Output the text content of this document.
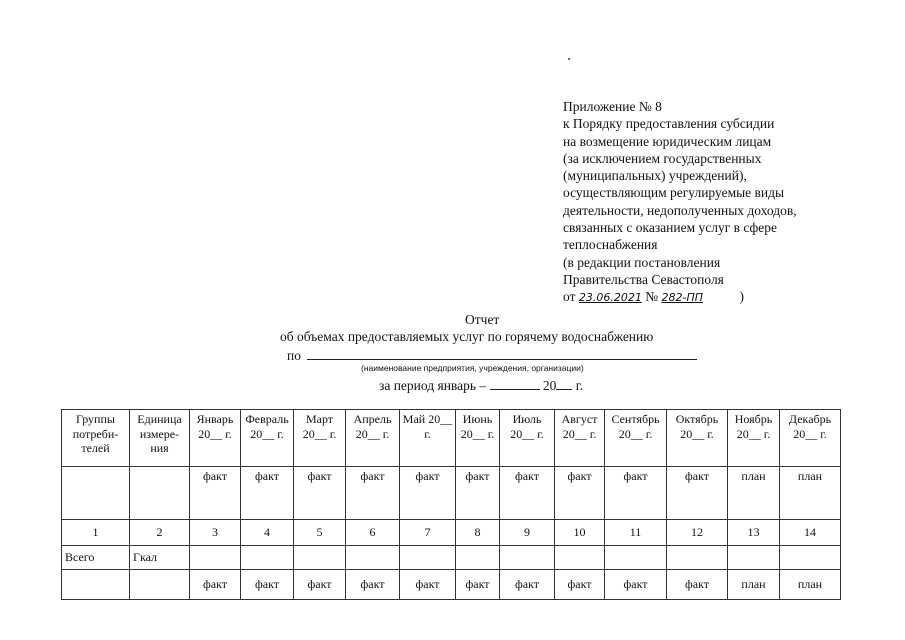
Приложение № 8
к Порядку предоставления субсидии
на возмещение юридическим лицам
(за исключением государственных
(муниципальных) учреждений),
осуществляющим регулируемые виды
деятельности, недополученных доходов,
связанных с оказанием услуг в сфере
теплоснабжения
(в редакции постановления
Правительства Севастополя
от 23.06.2021 № 282-ПП	)
Отчет
об объемах предоставляемых услуг по горячему водоснабжению
по
(наименование предприятия, учреждения, организации)
за период январь –	20 г.
Группы потреби- телей	Единица измере- ния	Январь 20__ г.	Февраль 20__ г.	Март 20__ г.	Апрель 20__ г.	Май 20__ г.	Июнь 20__ г.	Июль 20__ г.	Август 20__ г.	Сентябрь 20__ г.	Октябрь 20__ г.	Ноябрь 20__ г.	Декабрь 20__ г.
		факт	факт	факт	факт	факт	факт	факт	факт	факт	факт	план	план
1	2	3	4	5	6	7	8	9	10	11	12	13	14
Всего	Гкал												
		факт	факт	факт	факт	факт	факт	факт	факт	факт	факт	план	план
